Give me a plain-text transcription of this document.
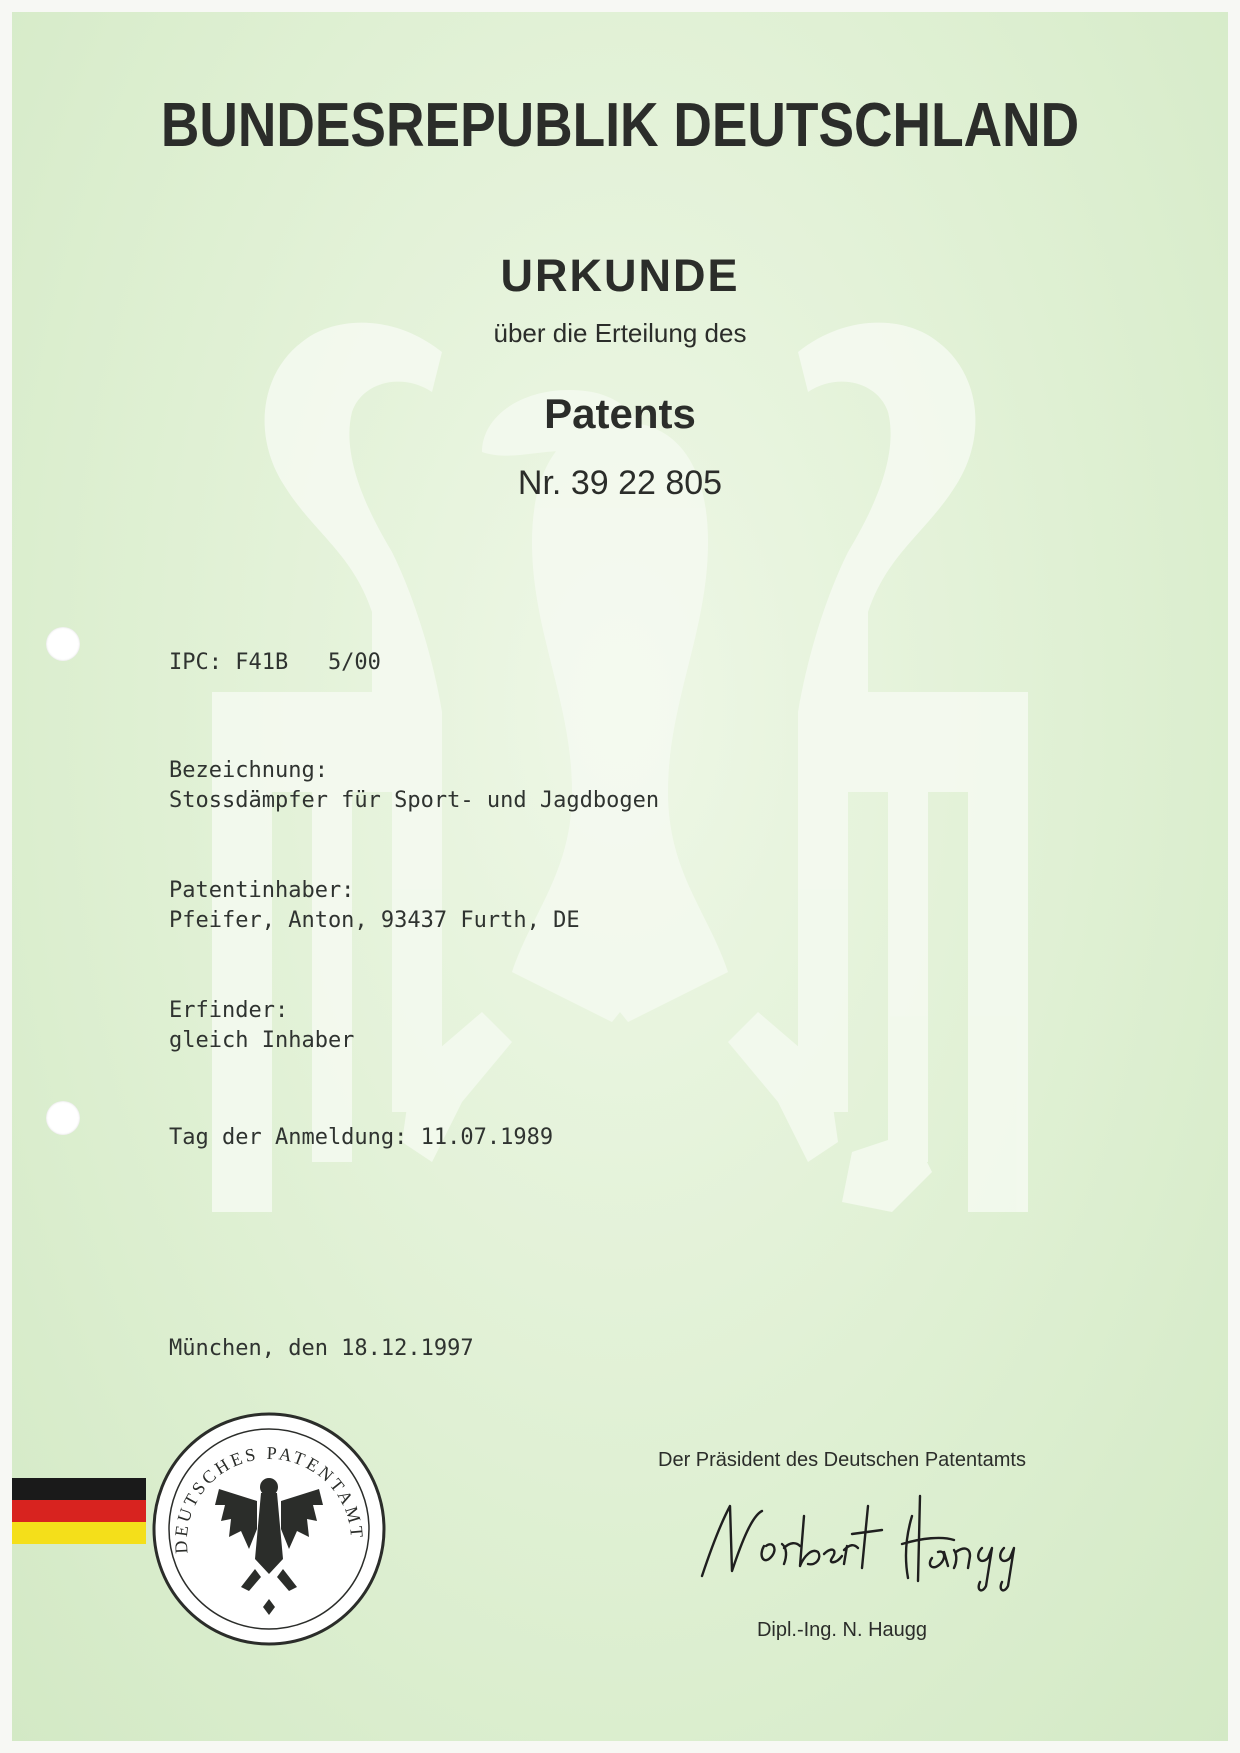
BUNDESREPUBLIK DEUTSCHLAND
URKUNDE
über die Erteilung des
Patents
Nr. 39 22 805
IPC: F41B   5/00
Bezeichnung:
Stossdämpfer für Sport- und Jagdbogen
Patentinhaber:
Pfeifer, Anton, 93437 Furth, DE
Erfinder:
gleich Inhaber
Tag der Anmeldung: 11.07.1989
München, den 18.12.1997
DEUTSCHES PATENTAMT
Der Präsident des Deutschen Patentamts
Dipl.-Ing. N. Haugg
